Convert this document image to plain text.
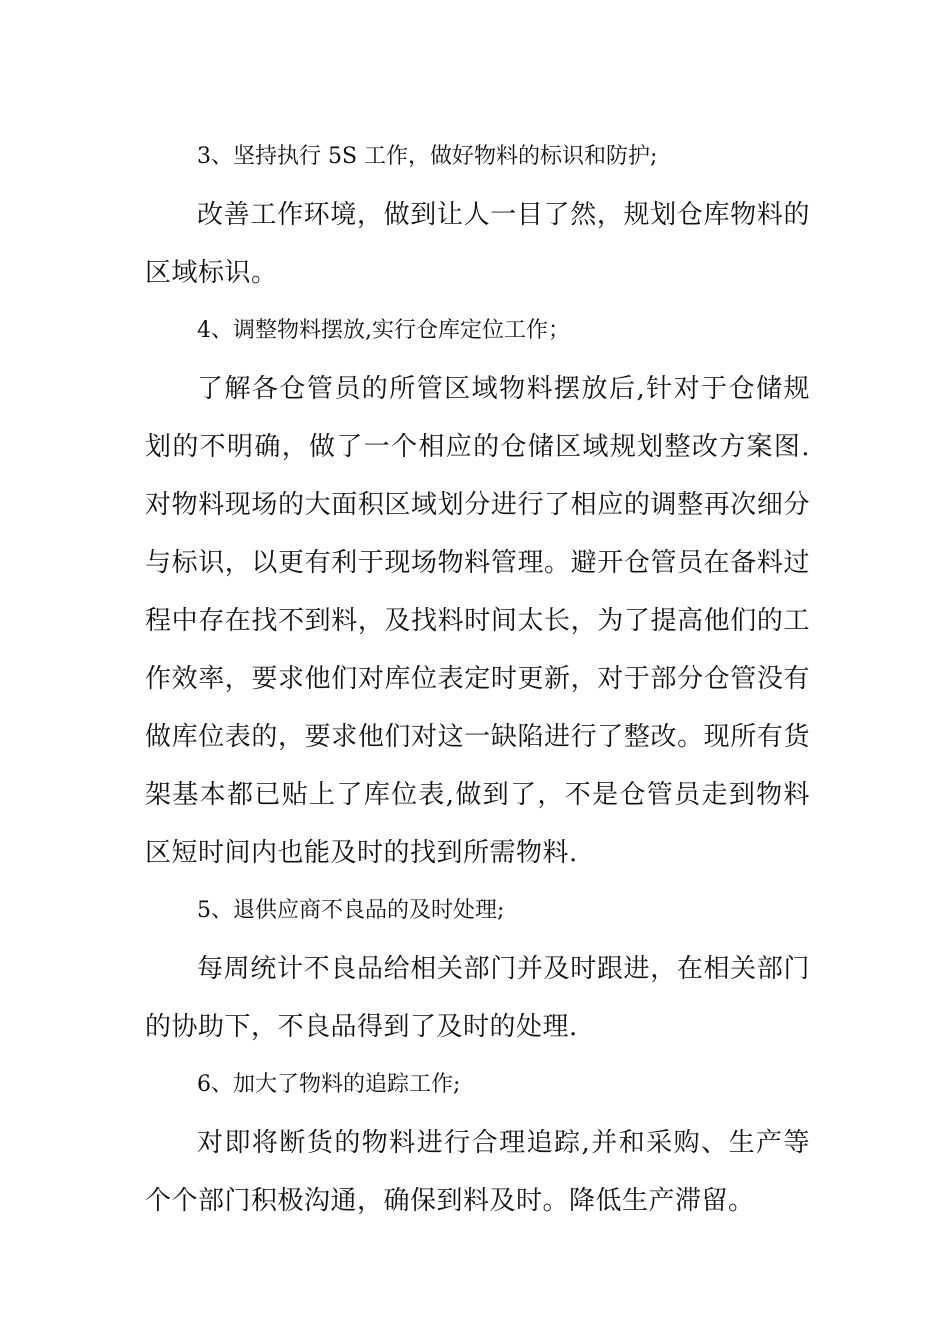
3、坚持执行 5S 工作，做好物料的标识和防护;

改善工作环境，做到让人一目了然，规划仓库物料的区域标识。

4、调整物料摆放,实行仓库定位工作；

了解各仓管员的所管区域物料摆放后,针对于仓储规划的不明确，做了一个相应的仓储区域规划整改方案图.对物料现场的大面积区域划分进行了相应的调整再次细分与标识，以更有利于现场物料管理。避开仓管员在备料过程中存在找不到料，及找料时间太长，为了提高他们的工作效率，要求他们对库位表定时更新，对于部分仓管没有做库位表的，要求他们对这一缺陷进行了整改。现所有货架基本都已贴上了库位表,做到了，不是仓管员走到物料区短时间内也能及时的找到所需物料.

5、退供应商不良品的及时处理;

每周统计不良品给相关部门并及时跟进，在相关部门的协助下，不良品得到了及时的处理.

6、加大了物料的追踪工作;

对即将断货的物料进行合理追踪,并和采购、生产等个个部门积极沟通，确保到料及时。降低生产滞留。
